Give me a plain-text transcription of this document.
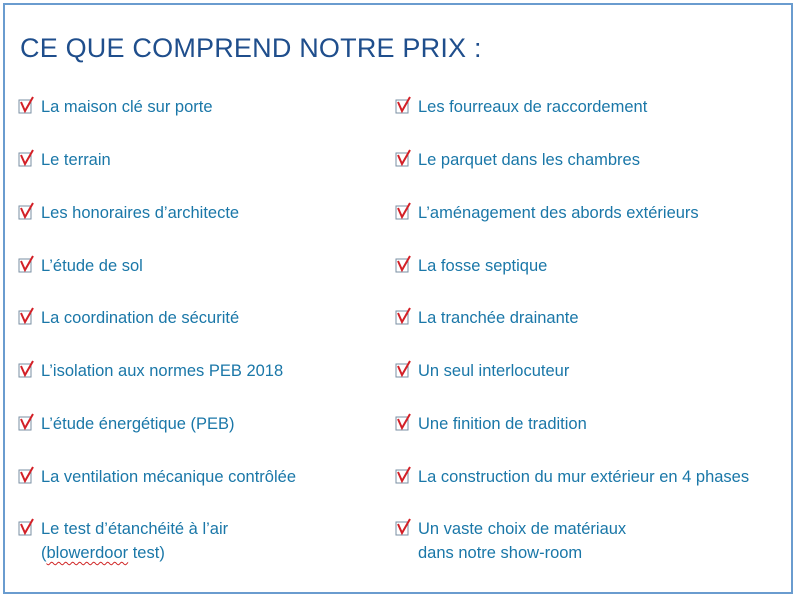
CE QUE COMPREND NOTRE PRIX :
La maison clé sur porte
Le terrain
Les honoraires d’architecte
L’étude de sol
La coordination de sécurité
L’isolation aux normes PEB 2018
L’étude énergétique (PEB)
La ventilation mécanique contrôlée
Le test d’étanchéité à l’air
(blowerdoor test)
Les fourreaux de raccordement
Le parquet dans les chambres
L’aménagement des abords extérieurs
La fosse septique
La tranchée drainante
Un seul interlocuteur
Une finition de tradition
La construction du mur extérieur en 4 phases
Un vaste choix de matériaux
dans notre show-room
